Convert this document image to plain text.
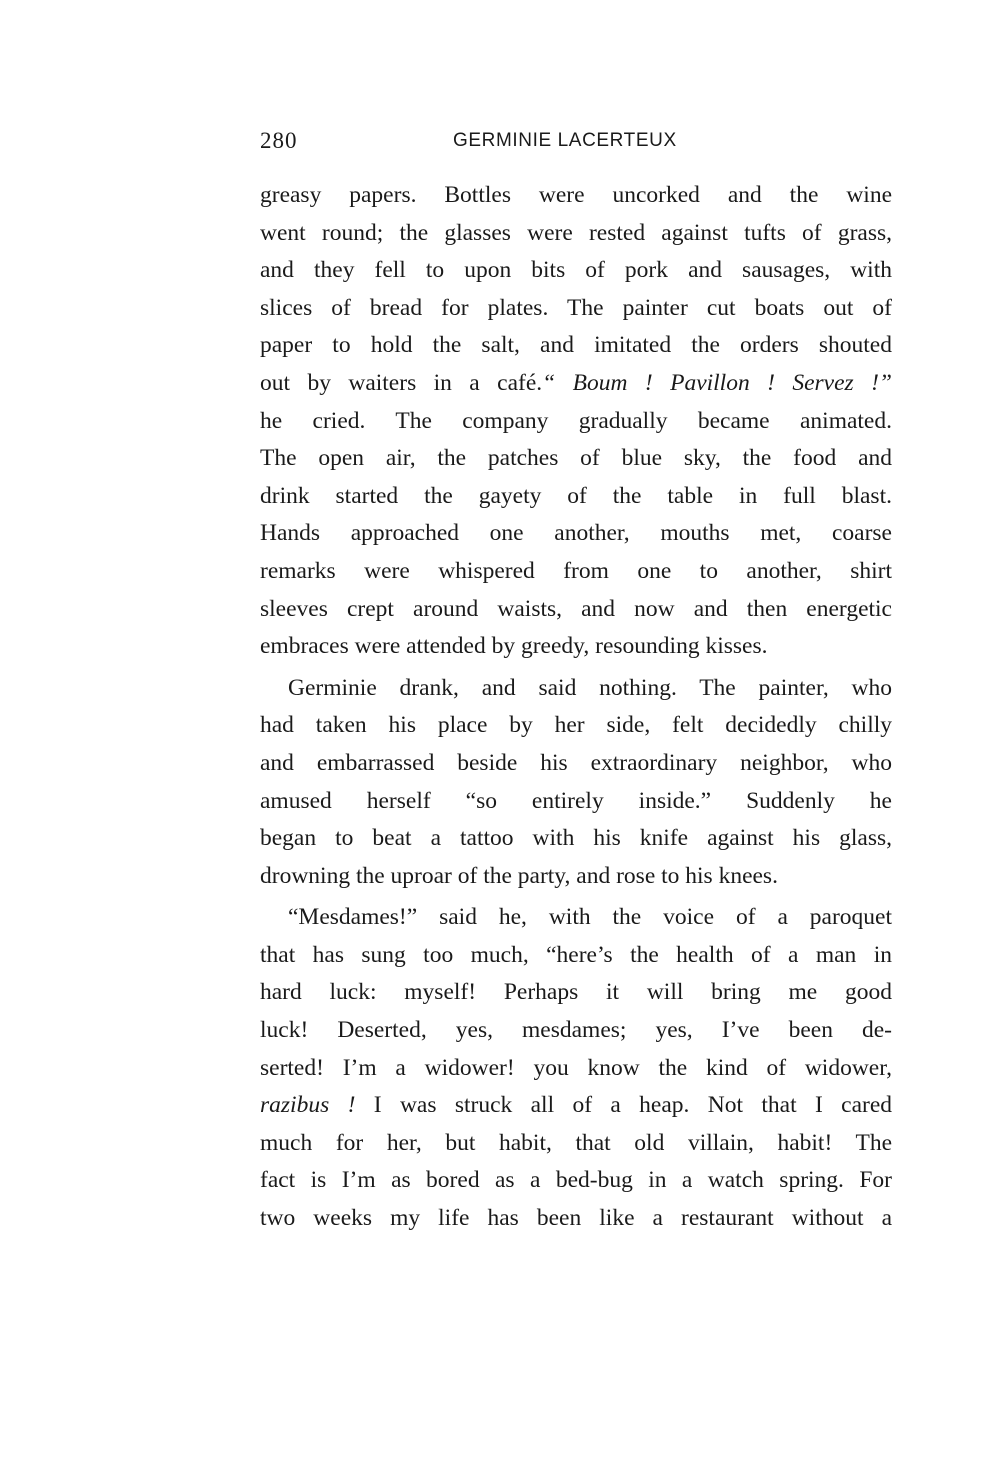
280	GERMINIE LACERTEUX
greasy papers. Bottles were uncorked and the wine
went round; the glasses were rested against tufts of grass,
and they fell to upon bits of pork and sausages, with
slices of bread for plates. The painter cut boats out of
paper to hold the salt, and imitated the orders shouted
out by waiters in a café.“ Boum ! Pavillon ! Servez !”
he cried. The company gradually became animated.
The open air, the patches of blue sky, the food and
drink started the gayety of the table in full blast.
Hands approached one another, mouths met, coarse
remarks were whispered from one to another, shirt
sleeves crept around waists, and now and then energetic
embraces were attended by greedy, resounding kisses.
Germinie drank, and said nothing. The painter, who
had taken his place by her side, felt decidedly chilly
and embarrassed beside his extraordinary neighbor, who
amused herself “so entirely inside.” Suddenly he
began to beat a tattoo with his knife against his glass,
drowning the uproar of the party, and rose to his knees.
“Mesdames!” said he, with the voice of a paroquet
that has sung too much, “here’s the health of a man in
hard luck: myself! Perhaps it will bring me good
luck! Deserted, yes, mesdames; yes, I’ve been de-
serted! I’m a widower! you know the kind of widower,
razibus ! I was struck all of a heap. Not that I cared
much for her, but habit, that old villain, habit! The
fact is I’m as bored as a bed-bug in a watch spring. For
two weeks my life has been like a restaurant without a
